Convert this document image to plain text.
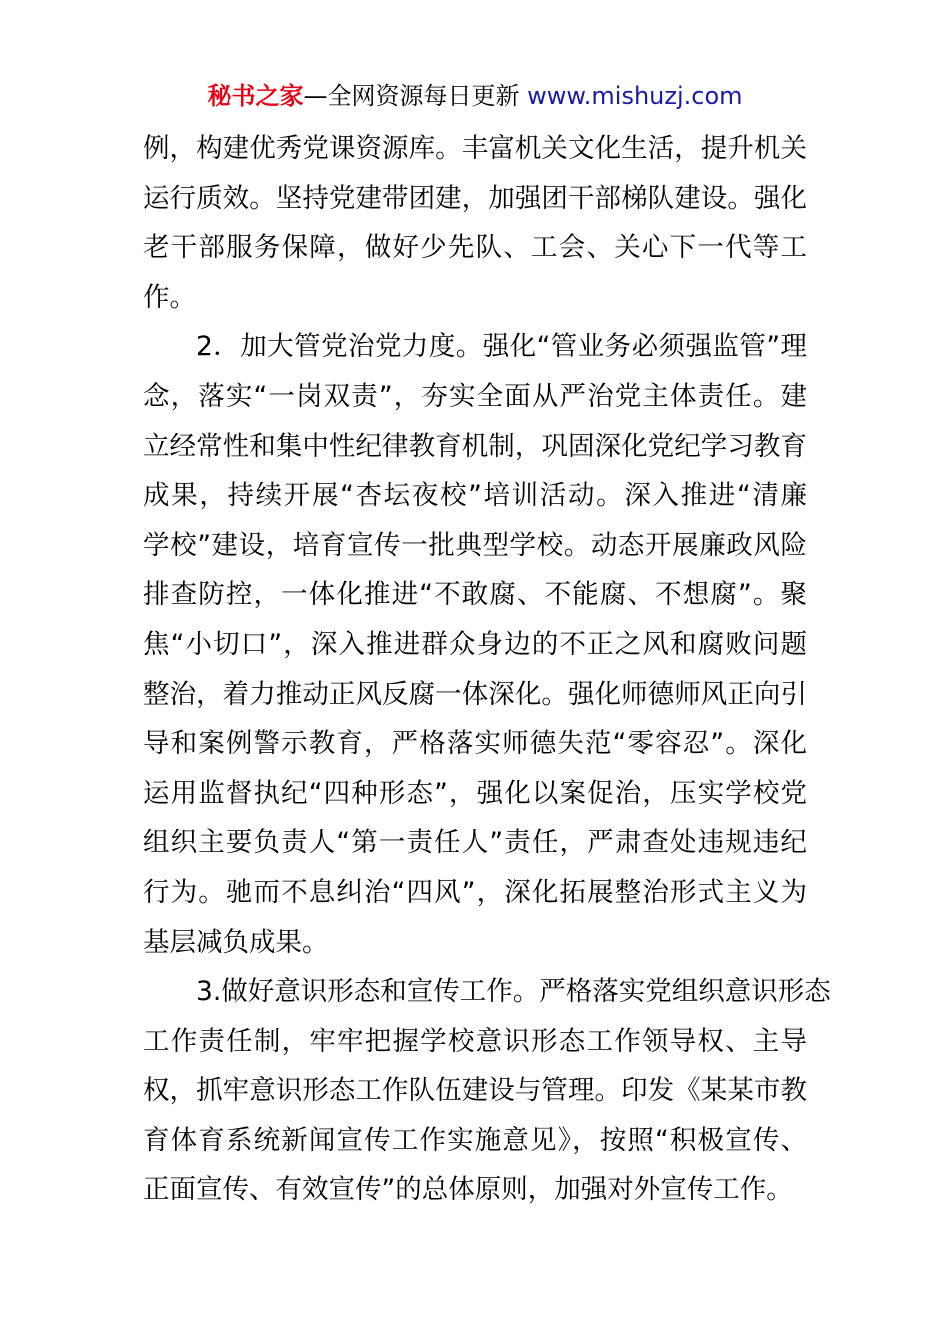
秘书之家—全网资源每日更新 www.mishuzj.com
例，构建优秀党课资源库。丰富机关文化生活，提升机关
运行质效。坚持党建带团建，加强团干部梯队建设。强化
老干部服务保障，做好少先队、工会、关心下一代等工
作。
2．加大管党治党力度。强化“管业务必须强监管”理
念，落实“一岗双责”，夯实全面从严治党主体责任。建
立经常性和集中性纪律教育机制，巩固深化党纪学习教育
成果，持续开展“杏坛夜校”培训活动。深入推进“清廉
学校”建设，培育宣传一批典型学校。动态开展廉政风险
排查防控，一体化推进“不敢腐、不能腐、不想腐”。聚
焦“小切口”，深入推进群众身边的不正之风和腐败问题
整治，着力推动正风反腐一体深化。强化师德师风正向引
导和案例警示教育，严格落实师德失范“零容忍”。深化
运用监督执纪“四种形态”，强化以案促治，压实学校党
组织主要负责人“第一责任人”责任，严肃查处违规违纪
行为。驰而不息纠治“四风”，深化拓展整治形式主义为
基层减负成果。
3.做好意识形态和宣传工作。严格落实党组织意识形态
工作责任制，牢牢把握学校意识形态工作领导权、主导
权，抓牢意识形态工作队伍建设与管理。印发《某某市教
育体育系统新闻宣传工作实施意见》，按照“积极宣传、
正面宣传、有效宣传”的总体原则，加强对外宣传工作。
